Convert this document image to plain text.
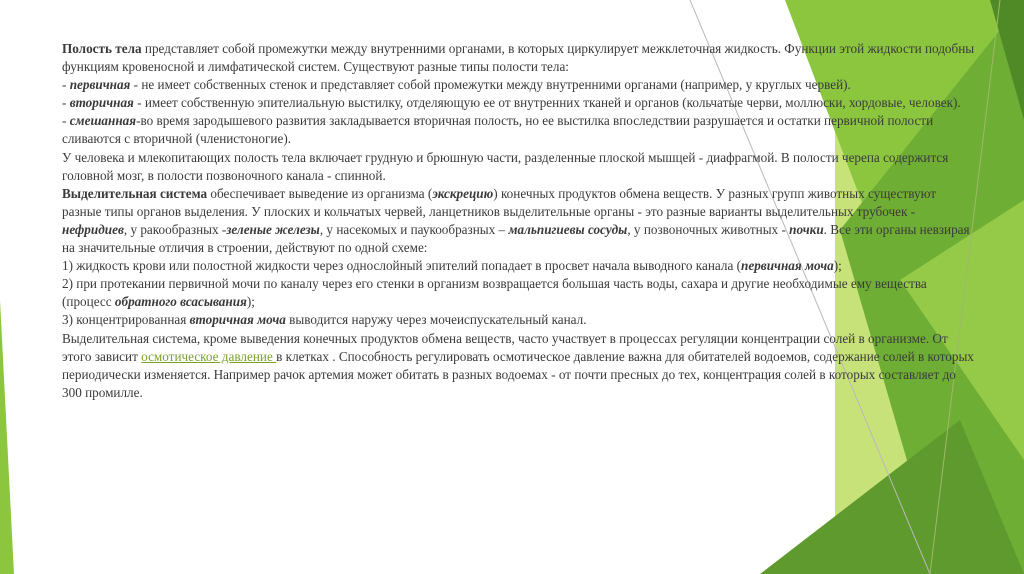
Полость тела представляет собой промежутки между внутренними органами, в которых циркулирует межклеточная жидкость. Функции этой жидкости подобны функциям кровеносной и лимфатической систем. Существуют разные типы полости тела:

- первичная - не имеет собственных стенок и представляет собой промежутки между внутренними органами (например, у круглых червей).

- вторичная - имеет собственную эпителиальную выстилку, отделяющую ее от внутренних тканей и органов (кольчатые черви, моллюски, хордовые, человек).

- смешанная-во время зародышевого развития закладывается вторичная полость, но ее выстилка впоследствии разрушается и остатки первичной полости сливаются с вторичной (членистоногие).

У человека и млекопитающих полость тела включает грудную и брюшную части, разделенные плоской мышцей - диафрагмой. В полости черепа содержится головной мозг, в полости позвоночного канала - спинной.

Выделительная система обеспечивает выведение из организма (экскрецию) конечных продуктов обмена веществ. У разных групп животных существуют разные типы органов выделения. У плоских и кольчатых червей, ланцетников выделительные органы - это разные варианты выделительных трубочек - нефридиев, у ракообразных -зеленые железы, у насекомых и паукообразных – мальпигиевы сосуды, у позвоночных животных - почки. Все эти органы невзирая на значительные отличия в строении, действуют по одной схеме:

1) жидкость крови или полостной жидкости через однослойный эпителий попадает в просвет начала выводного канала (первичная моча);

2) при протекании первичной мочи по каналу через его стенки в организм возвращается большая часть воды, сахара и другие необходимые ему вещества (процесс обратного всасывания);

3) концентрированная вторичная моча выводится наружу через мочеиспускательный канал.

Выделительная система, кроме выведения конечных продуктов обмена веществ, часто участвует в процессах регуляции концентрации солей в организме. От этого зависит осмотическое давление в клетках . Способность регулировать осмотическое давление важна для обитателей водоемов, содержание солей в которых периодически изменяется. Например рачок артемия может обитать в разных водоемах - от почти пресных до тех, концентрация солей в которых составляет до 300 промилле.
